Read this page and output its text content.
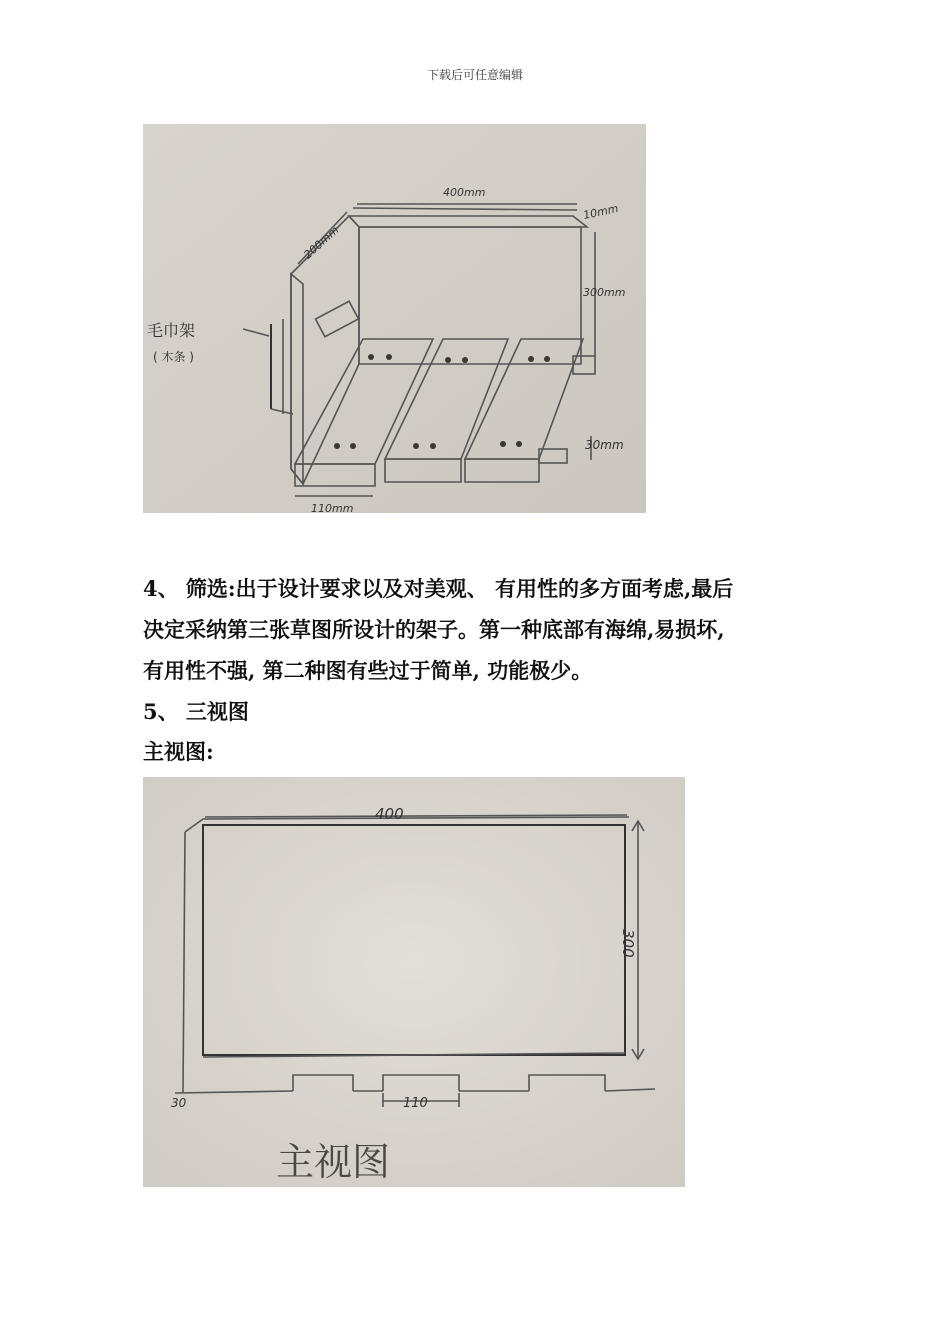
下载后可任意编辑
400mm
200mm
10mm
300mm
30mm
110mm
毛巾架
( 木条 )
4、 筛选:出于设计要求以及对美观、 有用性的多方面考虑,最后
决定采纳第三张草图所设计的架子。第一种底部有海绵,易损坏,
有用性不强, 第二种图有些过于简单, 功能极少。
5、 三视图
主视图:
400
300
110
30
主视图
